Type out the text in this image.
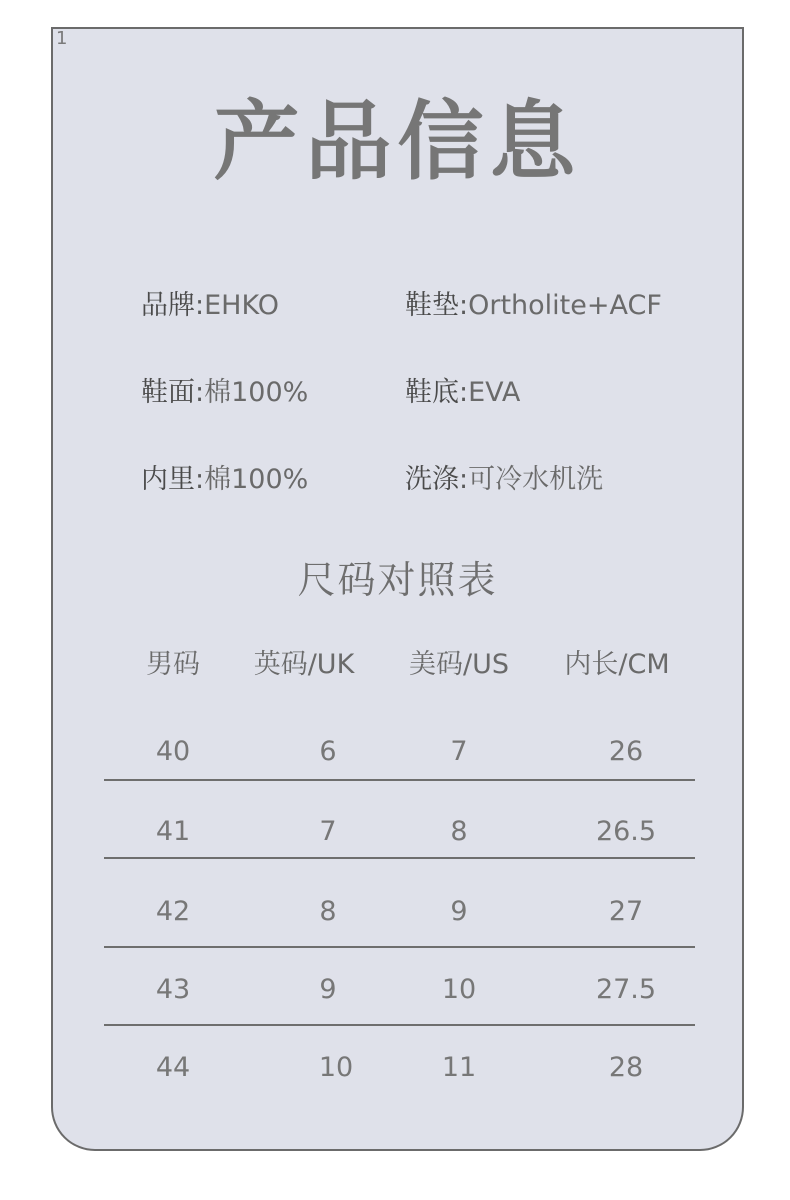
1
产品信息
品牌:EHKO	鞋垫:Ortholite+ACF
鞋面:棉100%	鞋底:EVA
内里:棉100%	洗涤:可冷水机洗
尺码对照表
男码 英码/UK 美码/US 内长/CM
40	6	7	26
41	7	8	26.5
42	8	9	27
43	9	10	27.5
44	10	11	28
